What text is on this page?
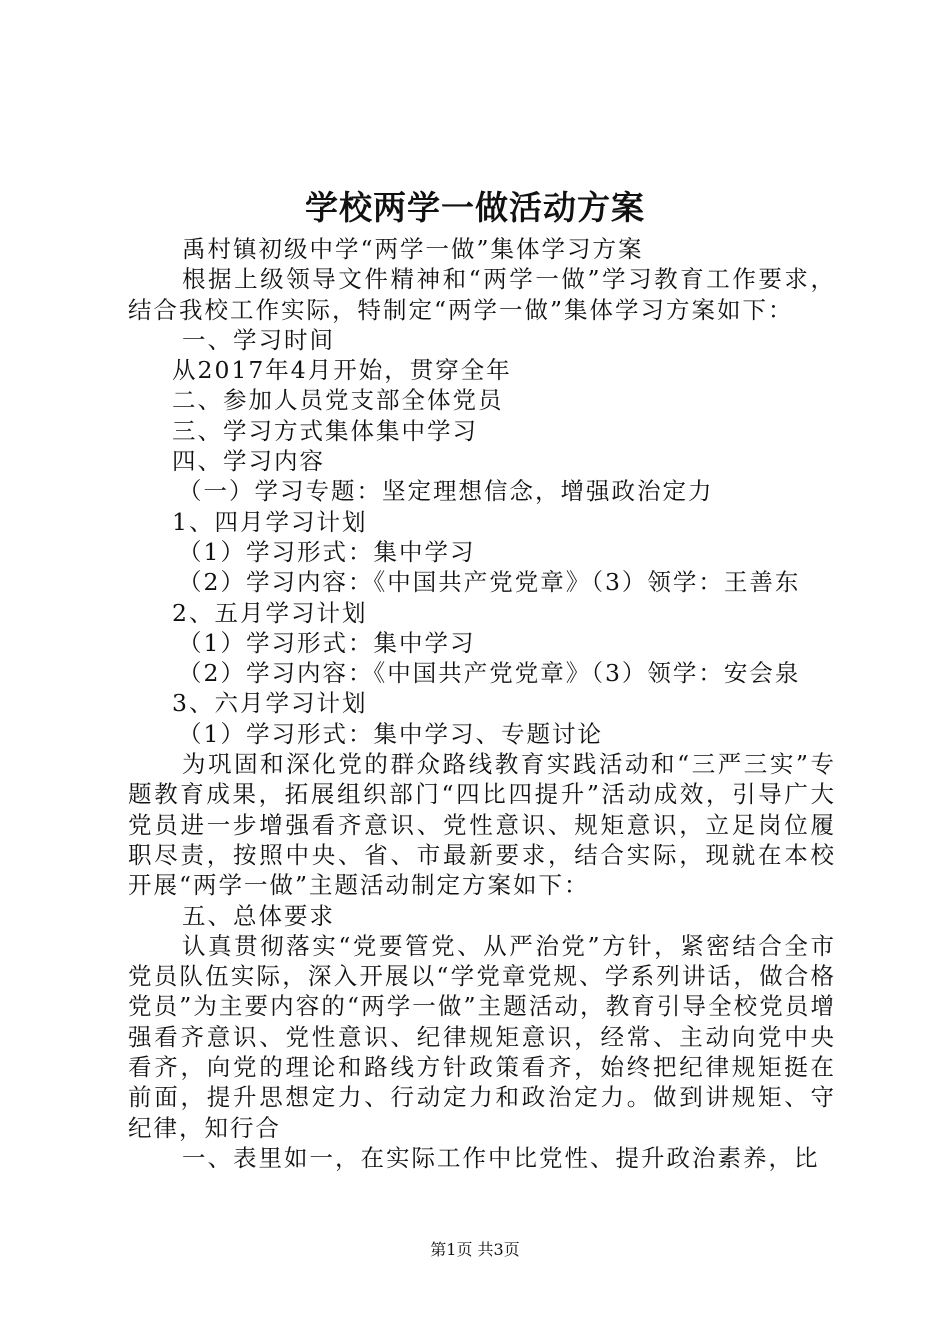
学校两学一做活动方案

禹村镇初级中学“两学一做”集体学习方案

根据上级领导文件精神和“两学一做”学习教育工作要求，结合我校工作实际，特制定“两学一做”集体学习方案如下：

一、学习时间

从2017年4月开始，贯穿全年

二、参加人员党支部全体党员

三、学习方式集体集中学习

四、学习内容

（一）学习专题：坚定理想信念，增强政治定力

1、四月学习计划

（1）学习形式：集中学习

（2）学习内容：《中国共产党党章》（3）领学：王善东

2、五月学习计划

（1）学习形式：集中学习

（2）学习内容：《中国共产党党章》（3）领学：安会泉

3、六月学习计划

（1）学习形式：集中学习、专题讨论

为巩固和深化党的群众路线教育实践活动和“三严三实”专题教育成果，拓展组织部门“四比四提升”活动成效，引导广大党员进一步增强看齐意识、党性意识、规矩意识，立足岗位履职尽责，按照中央、省、市最新要求，结合实际，现就在本校开展“两学一做”主题活动制定方案如下：

五、总体要求

认真贯彻落实“党要管党、从严治党”方针，紧密结合全市党员队伍实际，深入开展以“学党章党规、学系列讲话，做合格党员”为主要内容的“两学一做”主题活动，教育引导全校党员增强看齐意识、党性意识、纪律规矩意识，经常、主动向党中央看齐，向党的理论和路线方针政策看齐，始终把纪律规矩挺在前面，提升思想定力、行动定力和政治定力。做到讲规矩、守纪律，知行合

一、表里如一，在实际工作中比党性、提升政治素养，比

第1页 共3页
